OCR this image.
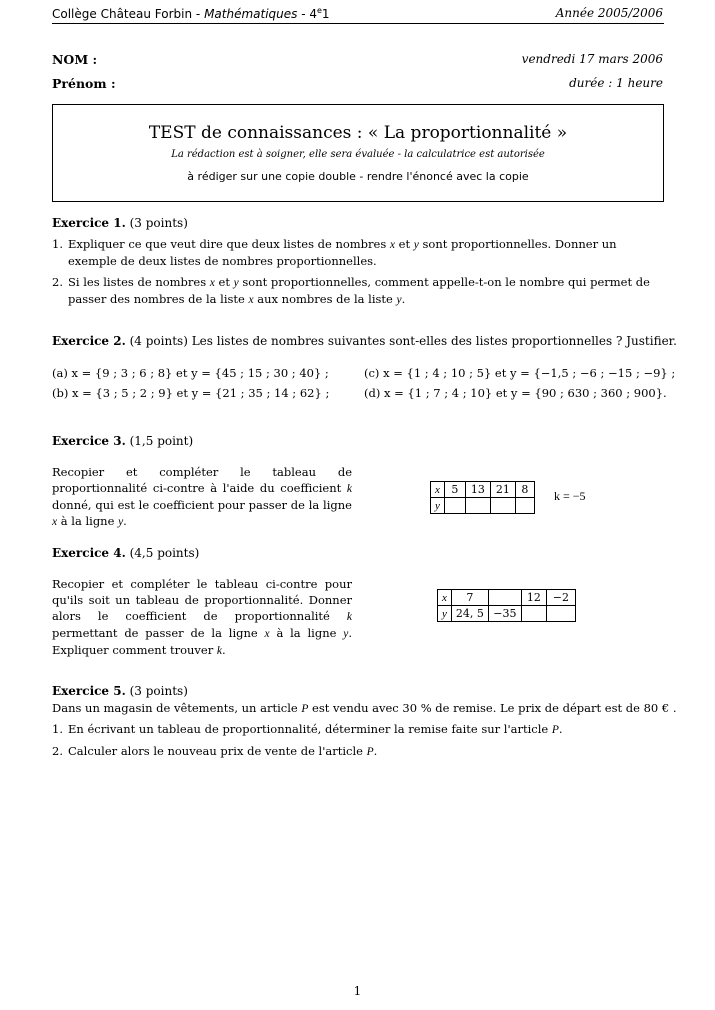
Collège Château Forbin - Mathématiques - 4e1	Année 2005/2006
NOM :
Prénom :
vendredi 17 mars 2006
durée : 1 heure
TEST de connaissances : « La proportionnalité »
La rédaction est à soigner, elle sera évaluée - la calculatrice est autorisée
à rédiger sur une copie double - rendre l'énoncé avec la copie
Exercice 1. (3 points)
1. Expliquer ce que veut dire que deux listes de nombres x et y sont proportionnelles. Donner un exemple de deux listes de nombres proportionnelles.
2. Si les listes de nombres x et y sont proportionnelles, comment appelle-t-on le nombre qui permet de passer des nombres de la liste x aux nombres de la liste y.
Exercice 2. (4 points) Les listes de nombres suivantes sont-elles des listes proportionnelles ? Justifier.
(a) x = {9 ; 3 ; 6 ; 8} et y = {45 ; 15 ; 30 ; 40} ;
(b) x = {3 ; 5 ; 2 ; 9} et y = {21 ; 35 ; 14 ; 62} ;
(c) x = {1 ; 4 ; 10 ; 5} et y = {−1,5 ; −6 ; −15 ; −9} ;
(d) x = {1 ; 7 ; 4 ; 10} et y = {90 ; 630 ; 360 ; 900}.
Exercice 3. (1,5 point)
Recopier et compléter le tableau de proportionnalité ci-contre à l'aide du coefficient k donné, qui est le coefficient pour passer de la ligne x à la ligne y.
x	5	13	21	8
y				
k = −5
Exercice 4. (4,5 points)
Recopier et compléter le tableau ci-contre pour qu'ils soit un tableau de proportionnalité. Donner alors le coefficient de proportionnalité k permettant de passer de la ligne x à la ligne y. Expliquer comment trouver k.
x	7		12	−2
y	24, 5	−35		
Exercice 5. (3 points)
Dans un magasin de vêtements, un article P est vendu avec 30 % de remise. Le prix de départ est de 80 € .
1. En écrivant un tableau de proportionnalité, déterminer la remise faite sur l'article P.
2. Calculer alors le nouveau prix de vente de l'article P.
1
